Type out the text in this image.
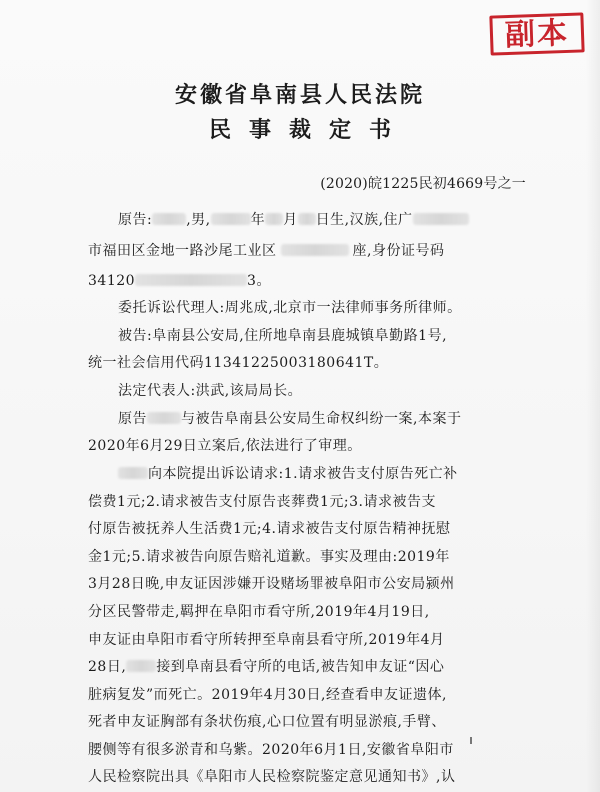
副本
安徽省阜南县人民法院
民事裁定书
(2020)皖1225民初4669号之一
原告: ,男,	年 月 日生,汉族,住广
市福田区金地一路沙尾工业区	座,身份证号码
34120	3。
委托诉讼代理人:周兆成,北京市一法律师事务所律师。
被告:阜南县公安局,住所地阜南县鹿城镇阜勤路1号,
统一社会信用代码11341225003180641T。
法定代表人:洪武,该局局长。
原告 与被告阜南县公安局生命权纠纷一案,本案于
2020年6月29日立案后,依法进行了审理。
向本院提出诉讼请求:1.请求被告支付原告死亡补
偿费1元;2.请求被告支付原告丧葬费1元;3.请求被告支
付原告被抚养人生活费1元;4.请求被告支付原告精神抚慰
金1元;5.请求被告向原告赔礼道歉。事实及理由:2019年
3月28日晚,申友证因涉嫌开设赌场罪被阜阳市公安局颍州
分区民警带走,羁押在阜阳市看守所,2019年4月19日,
申友证由阜阳市看守所转押至阜南县看守所,2019年4月
28日, 接到阜南县看守所的电话,被告知申友证“因心
脏病复发”而死亡。2019年4月30日,经查看申友证遗体,
死者申友证胸部有条状伤痕,心口位置有明显淤痕,手臂、
腰侧等有很多淤青和乌紫。2020年6月1日,安徽省阜阳市
人民检察院出具《阜阳市人民检察院鉴定意见通知书》,认
